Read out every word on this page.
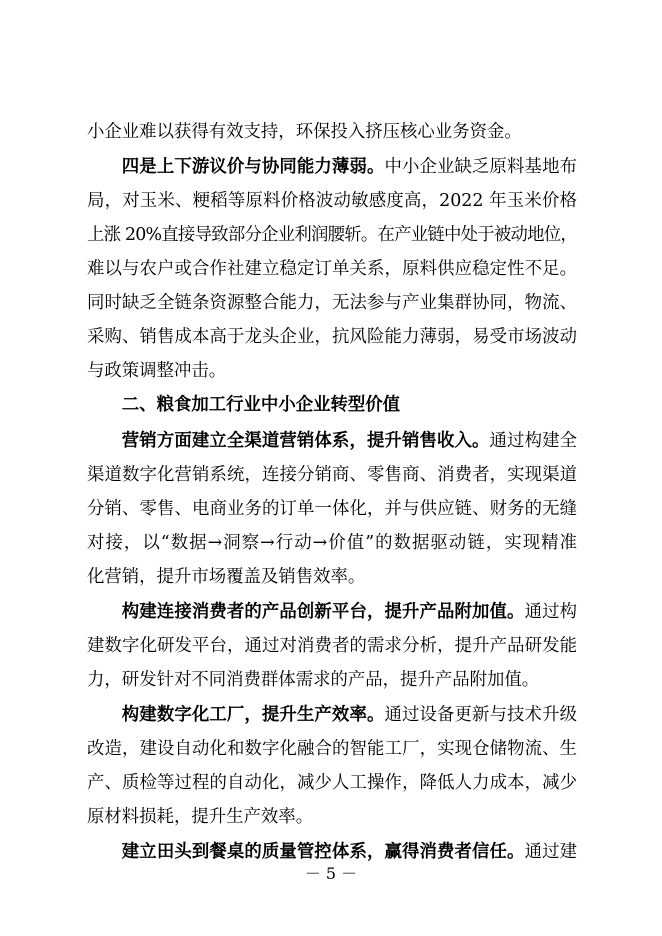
小企业难以获得有效支持，环保投入挤压核心业务资金。
四是上下游议价与协同能力薄弱。中小企业缺乏原料基地布
局，对玉米、粳稻等原料价格波动敏感度高，2022 年玉米价格
上涨 20%直接导致部分企业利润腰斩。在产业链中处于被动地位，
难以与农户或合作社建立稳定订单关系，原料供应稳定性不足。
同时缺乏全链条资源整合能力，无法参与产业集群协同，物流、
采购、销售成本高于龙头企业，抗风险能力薄弱，易受市场波动
与政策调整冲击。
二、粮食加工行业中小企业转型价值
营销方面建立全渠道营销体系，提升销售收入。通过构建全
渠道数字化营销系统，连接分销商、零售商、消费者，实现渠道
分销、零售、电商业务的订单一体化，并与供应链、财务的无缝
对接，以“数据→洞察→行动→价值”的数据驱动链，实现精准
化营销，提升市场覆盖及销售效率。
构建连接消费者的产品创新平台，提升产品附加值。通过构
建数字化研发平台，通过对消费者的需求分析，提升产品研发能
力，研发针对不同消费群体需求的产品，提升产品附加值。
构建数字化工厂，提升生产效率。通过设备更新与技术升级
改造，建设自动化和数字化融合的智能工厂，实现仓储物流、生
产、质检等过程的自动化，减少人工操作，降低人力成本，减少
原材料损耗，提升生产效率。
建立田头到餐桌的质量管控体系，赢得消费者信任。通过建
－ 5 －
